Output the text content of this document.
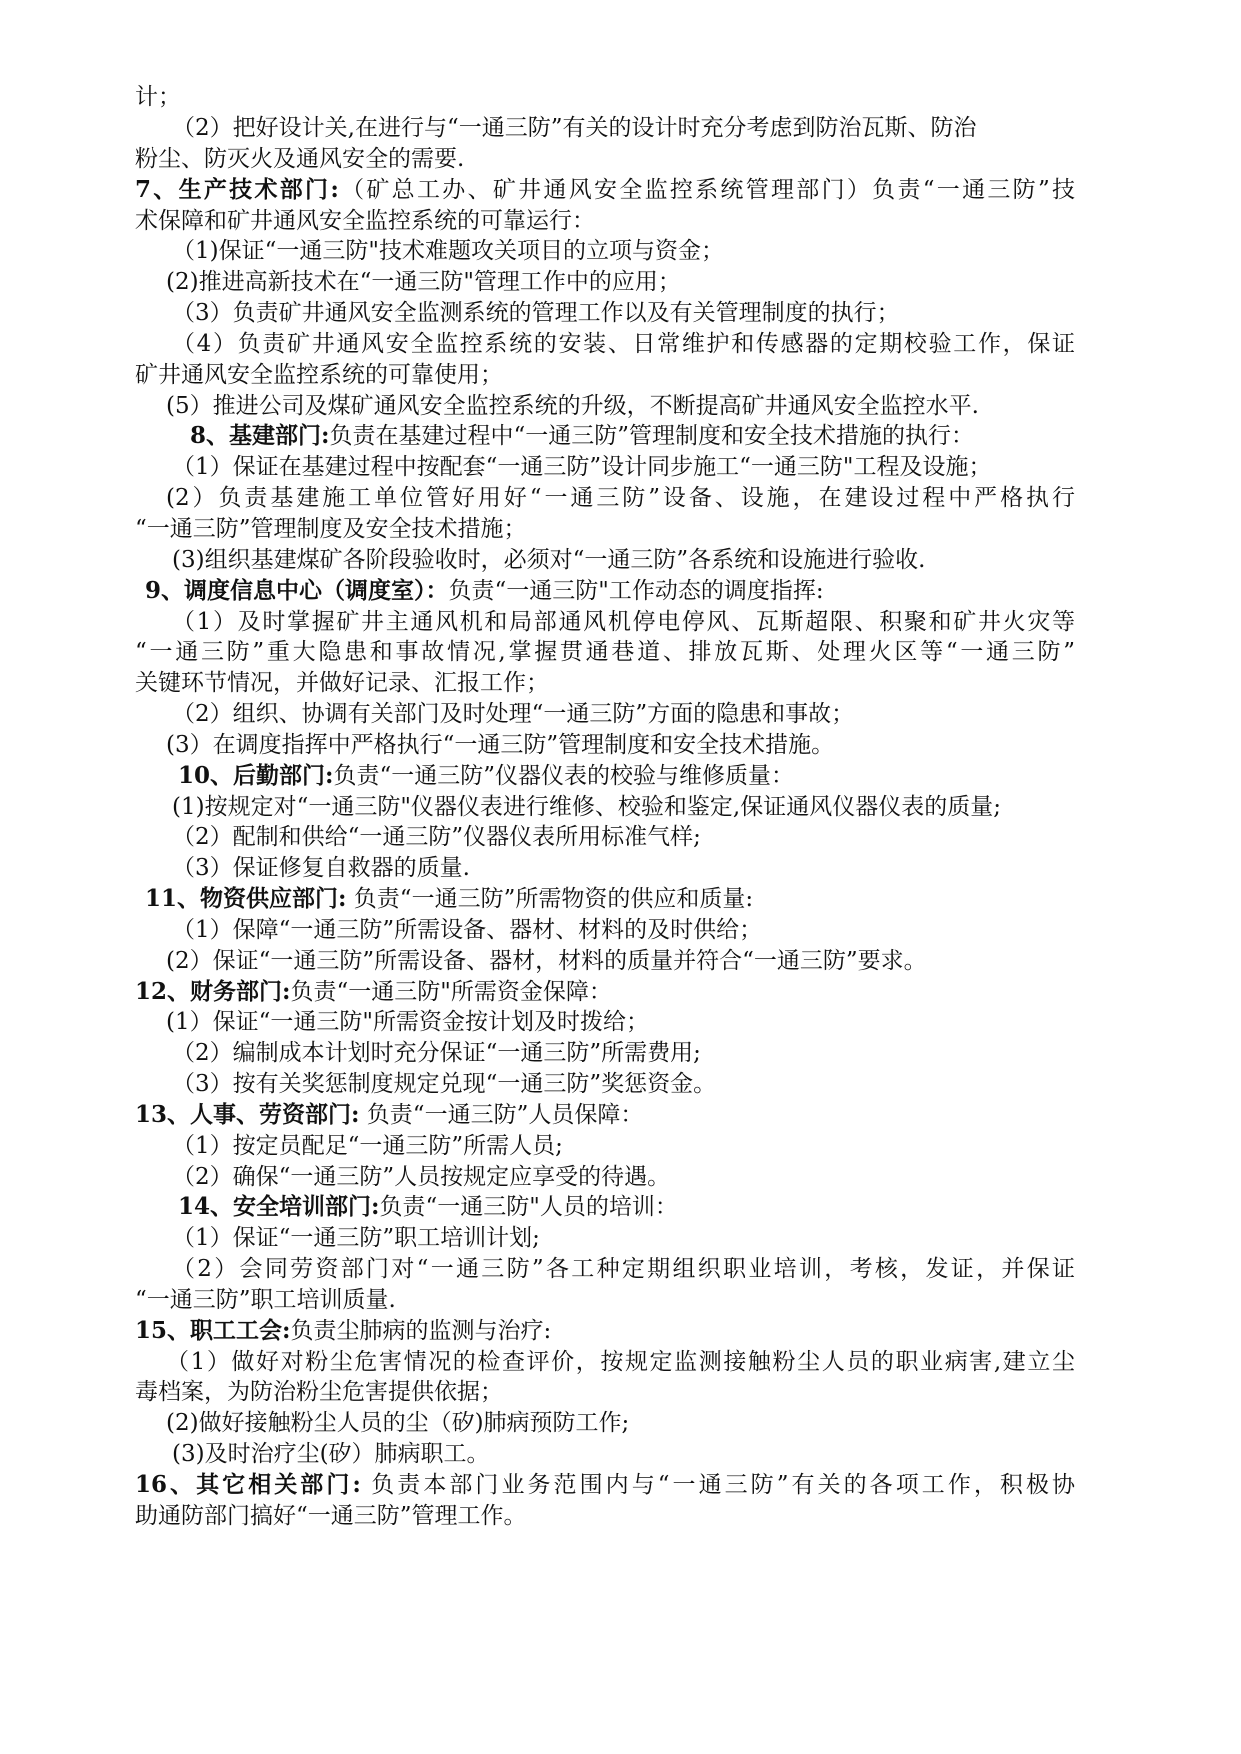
计；
（2）把好设计关,在进行与“一通三防”有关的设计时充分考虑到防治瓦斯、防治
粉尘、防灭火及通风安全的需要.
7、生产技术部门:（矿总工办、矿井通风安全监控系统管理部门）负责“一通三防”技
术保障和矿井通风安全监控系统的可靠运行：
（1)保证“一通三防"技术难题攻关项目的立项与资金；
(2)推进高新技术在“一通三防"管理工作中的应用；
（3）负责矿井通风安全监测系统的管理工作以及有关管理制度的执行；
（4）负责矿井通风安全监控系统的安装、日常维护和传感器的定期校验工作，保证
矿井通风安全监控系统的可靠使用；
(5）推进公司及煤矿通风安全监控系统的升级，不断提高矿井通风安全监控水平.
8、基建部门:负责在基建过程中“一通三防”管理制度和安全技术措施的执行：
（1）保证在基建过程中按配套“一通三防”设计同步施工“一通三防"工程及设施；
(2）负责基建施工单位管好用好“一通三防”设备、设施，在建设过程中严格执行
“一通三防”管理制度及安全技术措施；
(3)组织基建煤矿各阶段验收时，必须对“一通三防”各系统和设施进行验收.
9、调度信息中心（调度室）：负责“一通三防"工作动态的调度指挥:
（1）及时掌握矿井主通风机和局部通风机停电停风、瓦斯超限、积聚和矿井火灾等
“一通三防”重大隐患和事故情况,掌握贯通巷道、排放瓦斯、处理火区等“一通三防”
关键环节情况，并做好记录、汇报工作；
（2）组织、协调有关部门及时处理“一通三防”方面的隐患和事故；
(3）在调度指挥中严格执行“一通三防”管理制度和安全技术措施。
10、后勤部门:负责“一通三防”仪器仪表的校验与维修质量：
(1)按规定对“一通三防"仪器仪表进行维修、校验和鉴定,保证通风仪器仪表的质量;
（2）配制和供给“一通三防”仪器仪表所用标准气样;
（3）保证修复自救器的质量.
11、物资供应部门: 负责“一通三防”所需物资的供应和质量:
（1）保障“一通三防”所需设备、器材、材料的及时供给；
(2）保证“一通三防”所需设备、器材，材料的质量并符合“一通三防”要求。
12、财务部门:负责“一通三防"所需资金保障：
(1）保证“一通三防"所需资金按计划及时拨给；
（2）编制成本计划时充分保证“一通三防”所需费用;
（3）按有关奖惩制度规定兑现“一通三防”奖惩资金。
13、人事、劳资部门: 负责“一通三防”人员保障：
（1）按定员配足“一通三防”所需人员;
（2）确保“一通三防”人员按规定应享受的待遇。
14、安全培训部门:负责“一通三防"人员的培训：
（1）保证“一通三防”职工培训计划;
（2）会同劳资部门对“一通三防”各工种定期组织职业培训，考核，发证，并保证
“一通三防”职工培训质量.
15、职工工会:负责尘肺病的监测与治疗:
（1）做好对粉尘危害情况的检查评价，按规定监测接触粉尘人员的职业病害,建立尘
毒档案，为防治粉尘危害提供依据；
(2)做好接触粉尘人员的尘（矽)肺病预防工作;
(3)及时治疗尘(矽）肺病职工。
16、其它相关部门: 负责本部门业务范围内与“一通三防”有关的各项工作，积极协
助通防部门搞好“一通三防”管理工作。
